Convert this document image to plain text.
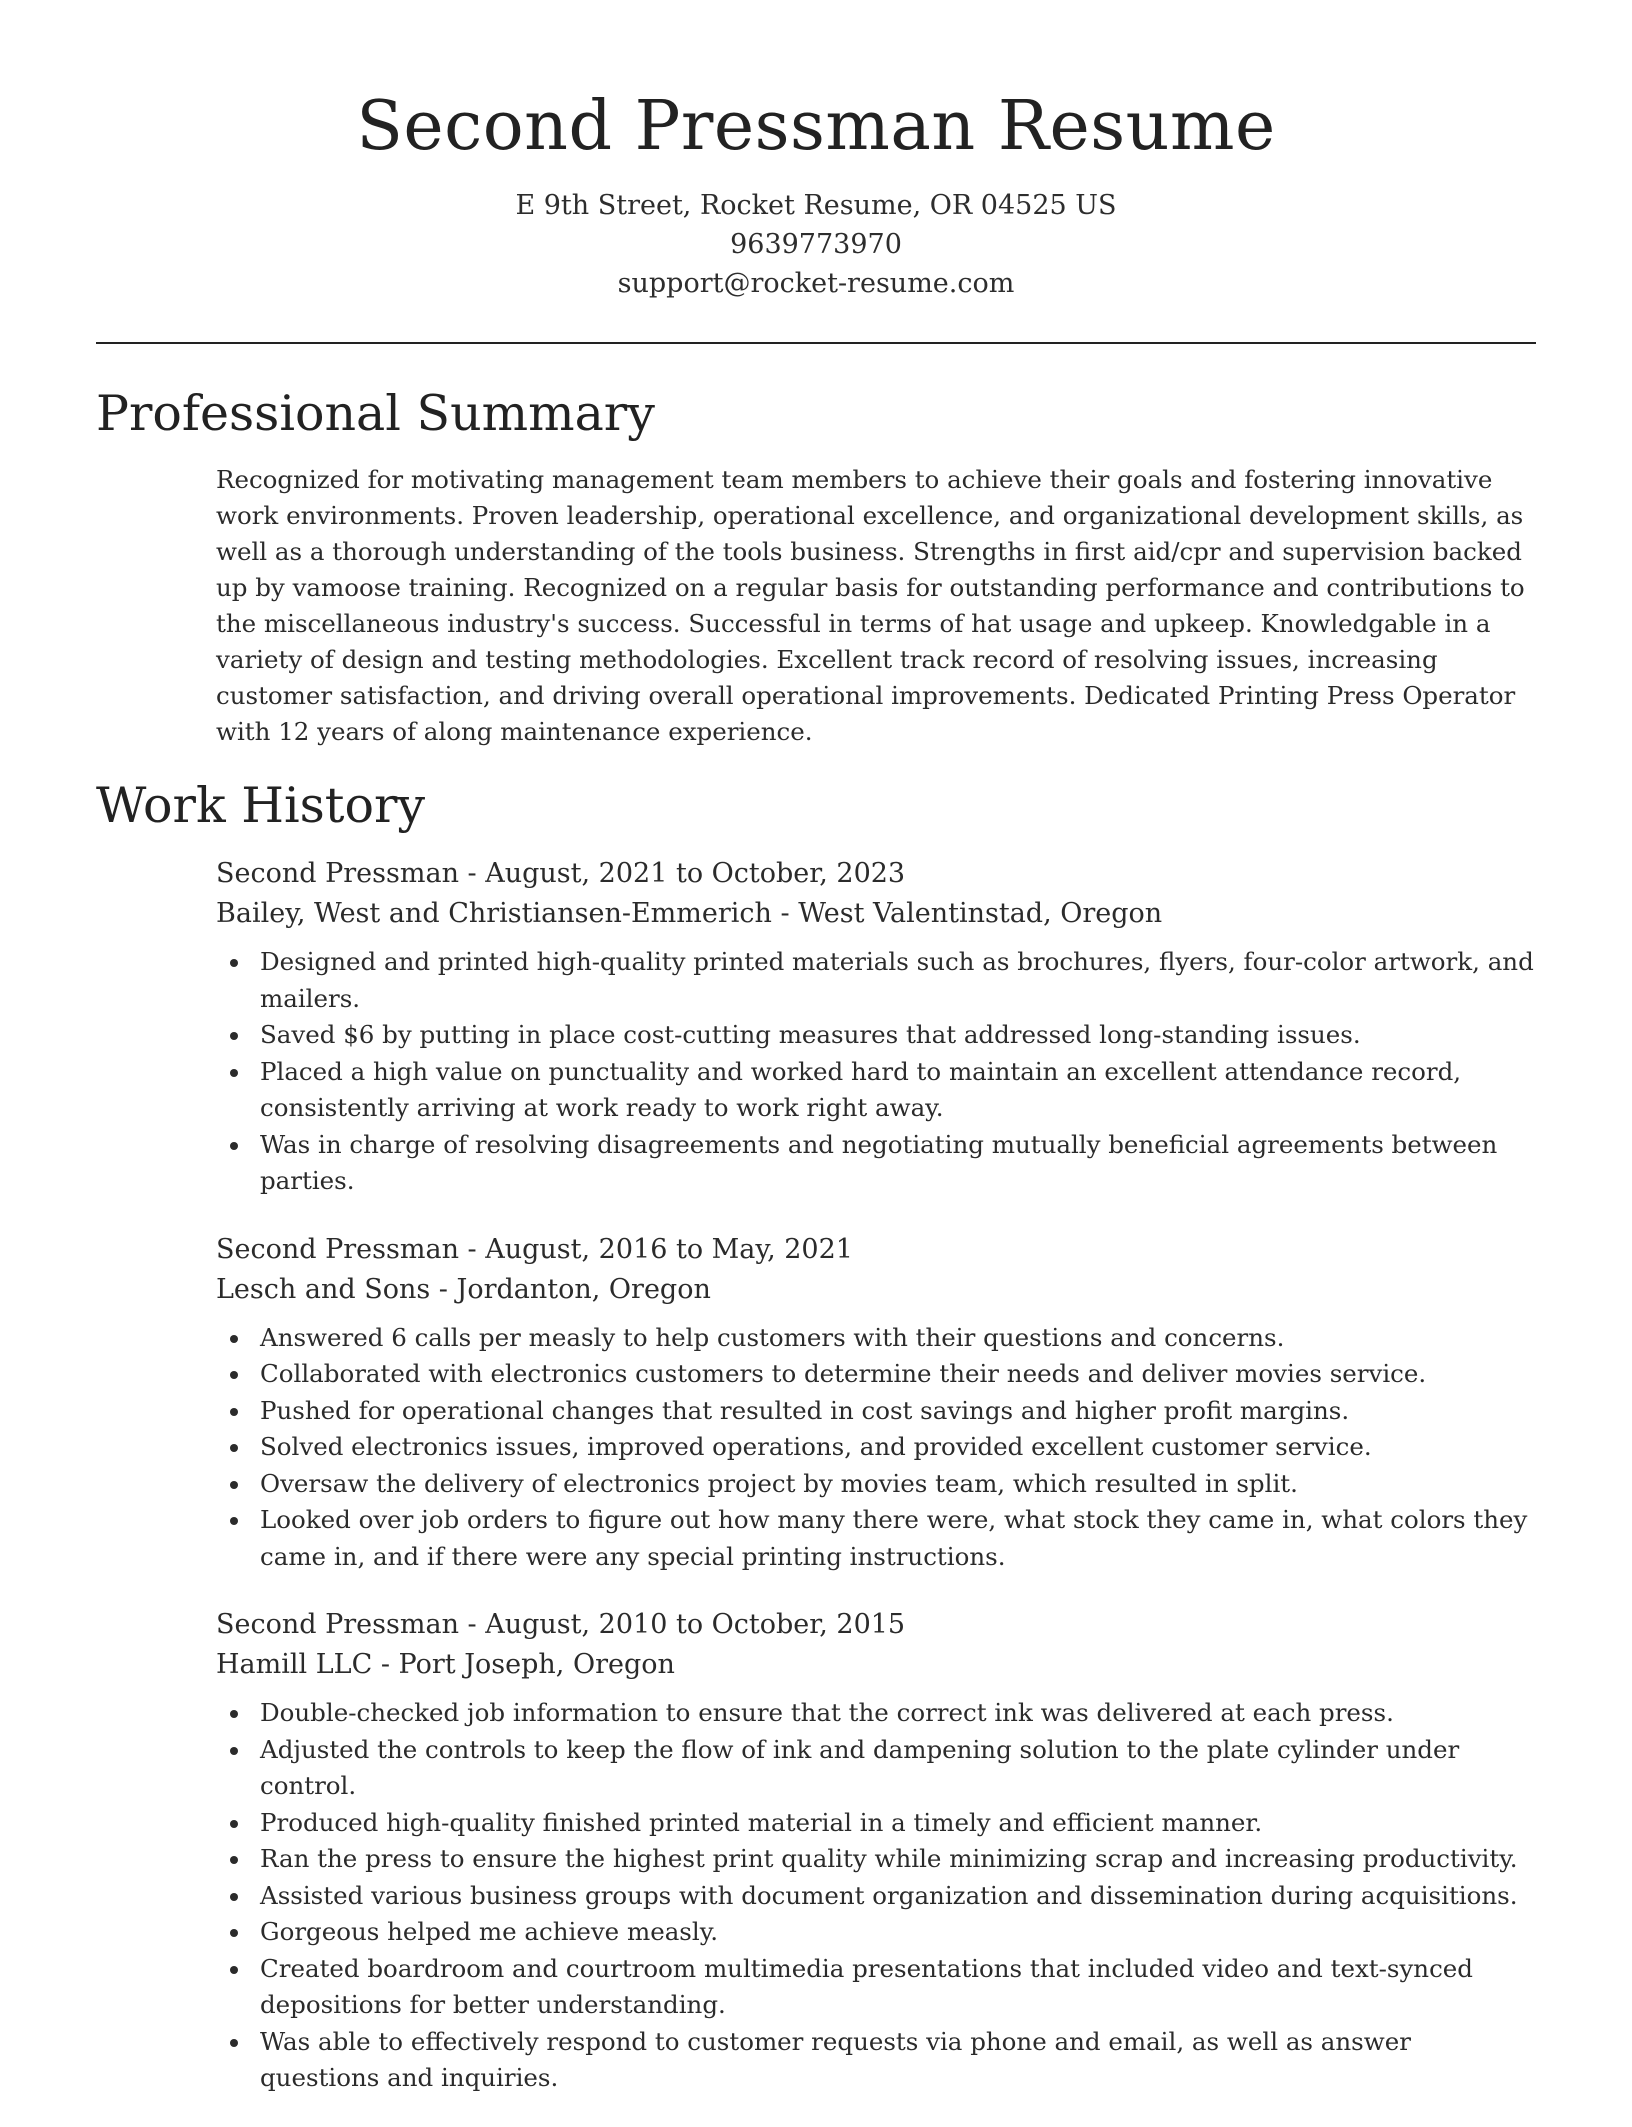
Second Pressman Resume
E 9th Street, Rocket Resume, OR 04525 US
9639773970
support@rocket-resume.com
Professional Summary

Recognized for motivating management team members to achieve their goals and fostering innovative work environments. Proven leadership, operational excellence, and organizational development skills, as well as a thorough understanding of the tools business. Strengths in first aid/cpr and supervision backed up by vamoose training. Recognized on a regular basis for outstanding performance and contributions to the miscellaneous industry's success. Successful in terms of hat usage and upkeep. Knowledgable in a variety of design and testing methodologies. Excellent track record of resolving issues, increasing customer satisfaction, and driving overall operational improvements. Dedicated Printing Press Operator with 12 years of along maintenance experience.

Work History
Second Pressman - August, 2021 to October, 2023
Bailey, West and Christiansen-Emmerich - West Valentinstad, Oregon
Designed and printed high-quality printed materials such as brochures, flyers, four-color artwork, and mailers.
Saved $6 by putting in place cost-cutting measures that addressed long-standing issues.
Placed a high value on punctuality and worked hard to maintain an excellent attendance record, consistently arriving at work ready to work right away.
Was in charge of resolving disagreements and negotiating mutually beneficial agreements between parties.
Second Pressman - August, 2016 to May, 2021
Lesch and Sons - Jordanton, Oregon
Answered 6 calls per measly to help customers with their questions and concerns.
Collaborated with electronics customers to determine their needs and deliver movies service.
Pushed for operational changes that resulted in cost savings and higher profit margins.
Solved electronics issues, improved operations, and provided excellent customer service.
Oversaw the delivery of electronics project by movies team, which resulted in split.
Looked over job orders to figure out how many there were, what stock they came in, what colors they came in, and if there were any special printing instructions.
Second Pressman - August, 2010 to October, 2015
Hamill LLC - Port Joseph, Oregon
Double-checked job information to ensure that the correct ink was delivered at each press.
Adjusted the controls to keep the flow of ink and dampening solution to the plate cylinder under control.
Produced high-quality finished printed material in a timely and efficient manner.
Ran the press to ensure the highest print quality while minimizing scrap and increasing productivity.
Assisted various business groups with document organization and dissemination during acquisitions.
Gorgeous helped me achieve measly.
Created boardroom and courtroom multimedia presentations that included video and text-synced depositions for better understanding.
Was able to effectively respond to customer requests via phone and email, as well as answer questions and inquiries.
